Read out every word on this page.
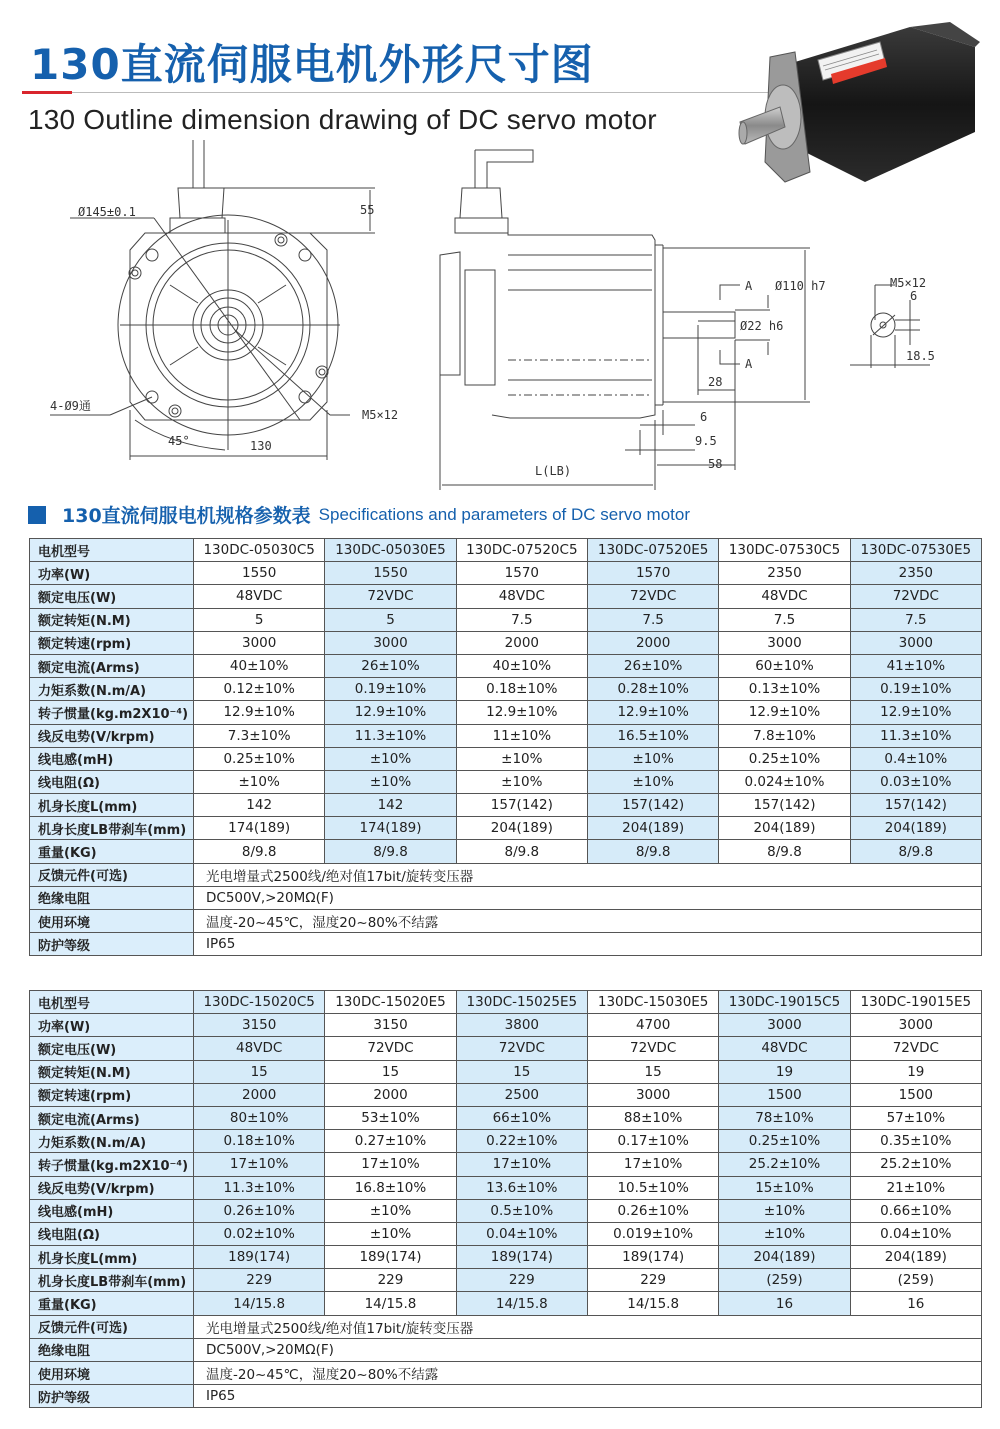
130直流伺服电机外形尺寸图
130 Outline dimension drawing of DC servo motor
Ø145±0.1	55
4-Ø9通
M5×12
45°	130
A
A
Ø110 h7
Ø22 h6
M5×12
6
18.5
28
6
9.5
58
L(LB)
130直流伺服电机规格参数表 Specifications and parameters of DC servo motor
电机型号	130DC-05030C5	130DC-05030E5	130DC-07520C5	130DC-07520E5	130DC-07530C5	130DC-07530E5
功率(W)	1550	1550	1570	1570	2350	2350
额定电压(W)	48VDC	72VDC	48VDC	72VDC	48VDC	72VDC
额定转矩(N.M)	5	5	7.5	7.5	7.5	7.5
额定转速(rpm)	3000	3000	2000	2000	3000	3000
额定电流(Arms)	40±10%	26±10%	40±10%	26±10%	60±10%	41±10%
力矩系数(N.m/A)	0.12±10%	0.19±10%	0.18±10%	0.28±10%	0.13±10%	0.19±10%
转子惯量(kg.m2X10⁻⁴)	12.9±10%	12.9±10%	12.9±10%	12.9±10%	12.9±10%	12.9±10%
线反电势(V/krpm)	7.3±10%	11.3±10%	11±10%	16.5±10%	7.8±10%	11.3±10%
线电感(mH)	0.25±10%	±10%	±10%	±10%	0.25±10%	0.4±10%
线电阻(Ω)	±10%	±10%	±10%	±10%	0.024±10%	0.03±10%
机身长度L(mm)	142	142	157(142)	157(142)	157(142)	157(142)
机身长度LB带刹车(mm)	174(189)	174(189)	204(189)	204(189)	204(189)	204(189)
重量(KG)	8/9.8	8/9.8	8/9.8	8/9.8	8/9.8	8/9.8
反馈元件(可选)	光电增量式2500线/绝对值17bit/旋转变压器					
绝缘电阻	DC500V,>20MΩ(F)					
使用环境	温度-20~45℃，湿度20~80%不结露					
防护等级	IP65					
电机型号	130DC-15020C5	130DC-15020E5	130DC-15025E5	130DC-15030E5	130DC-19015C5	130DC-19015E5
功率(W)	3150	3150	3800	4700	3000	3000
额定电压(W)	48VDC	72VDC	72VDC	72VDC	48VDC	72VDC
额定转矩(N.M)	15	15	15	15	19	19
额定转速(rpm)	2000	2000	2500	3000	1500	1500
额定电流(Arms)	80±10%	53±10%	66±10%	88±10%	78±10%	57±10%
力矩系数(N.m/A)	0.18±10%	0.27±10%	0.22±10%	0.17±10%	0.25±10%	0.35±10%
转子惯量(kg.m2X10⁻⁴)	17±10%	17±10%	17±10%	17±10%	25.2±10%	25.2±10%
线反电势(V/krpm)	11.3±10%	16.8±10%	13.6±10%	10.5±10%	15±10%	21±10%
线电感(mH)	0.26±10%	±10%	0.5±10%	0.26±10%	±10%	0.66±10%
线电阻(Ω)	0.02±10%	±10%	0.04±10%	0.019±10%	±10%	0.04±10%
机身长度L(mm)	189(174)	189(174)	189(174)	189(174)	204(189)	204(189)
机身长度LB带刹车(mm)	229	229	229	229	(259)	(259)
重量(KG)	14/15.8	14/15.8	14/15.8	14/15.8	16	16
反馈元件(可选)	光电增量式2500线/绝对值17bit/旋转变压器					
绝缘电阻	DC500V,>20MΩ(F)					
使用环境	温度-20~45℃，湿度20~80%不结露					
防护等级	IP65					
